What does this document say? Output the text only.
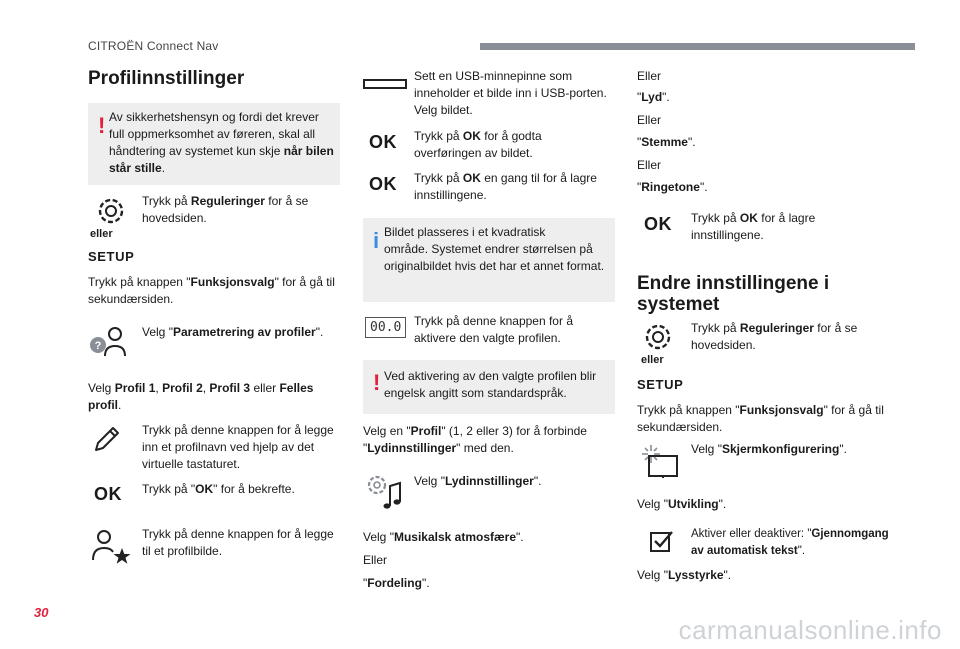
CITROËN Connect Nav
Profilinnstillinger
! Av sikkerhetshensyn og fordi det krever
full oppmerksomhet av føreren, skal all
håndtering av systemet kun skje når bilen
står stille.
eller
SETUP
Trykk på Reguleringer for å se
hovedsiden.
Trykk på knappen "Funksjonsvalg" for å gå til
sekundærsiden.
?
Velg "Parametrering av profiler".
Velg Profil 1, Profil 2, Profil 3 eller Felles
profil.
Trykk på denne knappen for å legge
inn et profilnavn ved hjelp av det
virtuelle tastaturet.
OK Trykk på "OK" for å bekrefte.
Trykk på denne knappen for å legge
til et profilbilde.
Sett en USB-minnepinne som
inneholder et bilde inn i USB-porten.
Velg bildet.
OK Trykk på OK for å godta
overføringen av bildet.
OK Trykk på OK en gang til for å lagre
innstillingene.
i Bildet plasseres i et kvadratisk
område. Systemet endrer størrelsen på
originalbildet hvis det har et annet format.
00.0	Trykk på denne knappen for å
aktivere den valgte profilen.
! Ved aktivering av den valgte profilen blir
engelsk angitt som standardspråk.
Velg en "Profil" (1, 2 eller 3) for å forbinde
"Lydinnstillinger" med den.
Velg "Lydinnstillinger".
Velg "Musikalsk atmosfære".
Eller
"Fordeling".
Eller
"Lyd".
Eller
"Stemme".
Eller
"Ringetone".
OK Trykk på OK for å lagre
innstillingene.
Endre innstillingene i
systemet
eller
SETUP
Trykk på Reguleringer for å se
hovedsiden.
Trykk på knappen "Funksjonsvalg" for å gå til
sekundærsiden.
Velg "Skjermkonfigurering".
Velg "Utvikling".
Aktiver eller deaktiver: "Gjennomgang
av automatisk tekst".
Velg "Lysstyrke".
30
carmanualsonline.info
